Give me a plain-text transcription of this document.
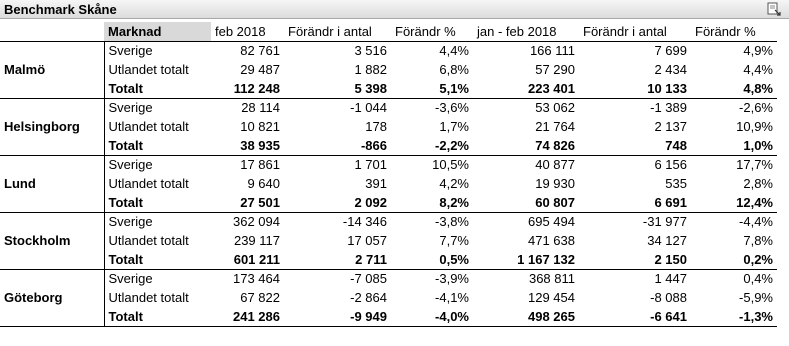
Benchmark Skåne
	Marknad	feb 2018	Förändr i antal	Förändr %	jan - feb 2018	Förändr i antal	Förändr %
Malmö	Sverige	82 761	3 516	4,4%	166 111	7 699	4,9%
	Utlandet totalt	29 487	1 882	6,8%	57 290	2 434	4,4%
	Totalt	112 248	5 398	5,1%	223 401	10 133	4,8%
Helsingborg	Sverige	28 114	-1 044	-3,6%	53 062	-1 389	-2,6%
	Utlandet totalt	10 821	178	1,7%	21 764	2 137	10,9%
	Totalt	38 935	-866	-2,2%	74 826	748	1,0%
Lund	Sverige	17 861	1 701	10,5%	40 877	6 156	17,7%
	Utlandet totalt	9 640	391	4,2%	19 930	535	2,8%
	Totalt	27 501	2 092	8,2%	60 807	6 691	12,4%
Stockholm	Sverige	362 094	-14 346	-3,8%	695 494	-31 977	-4,4%
	Utlandet totalt	239 117	17 057	7,7%	471 638	34 127	7,8%
	Totalt	601 211	2 711	0,5%	1 167 132	2 150	0,2%
Göteborg	Sverige	173 464	-7 085	-3,9%	368 811	1 447	0,4%
	Utlandet totalt	67 822	-2 864	-4,1%	129 454	-8 088	-5,9%
	Totalt	241 286	-9 949	-4,0%	498 265	-6 641	-1,3%
